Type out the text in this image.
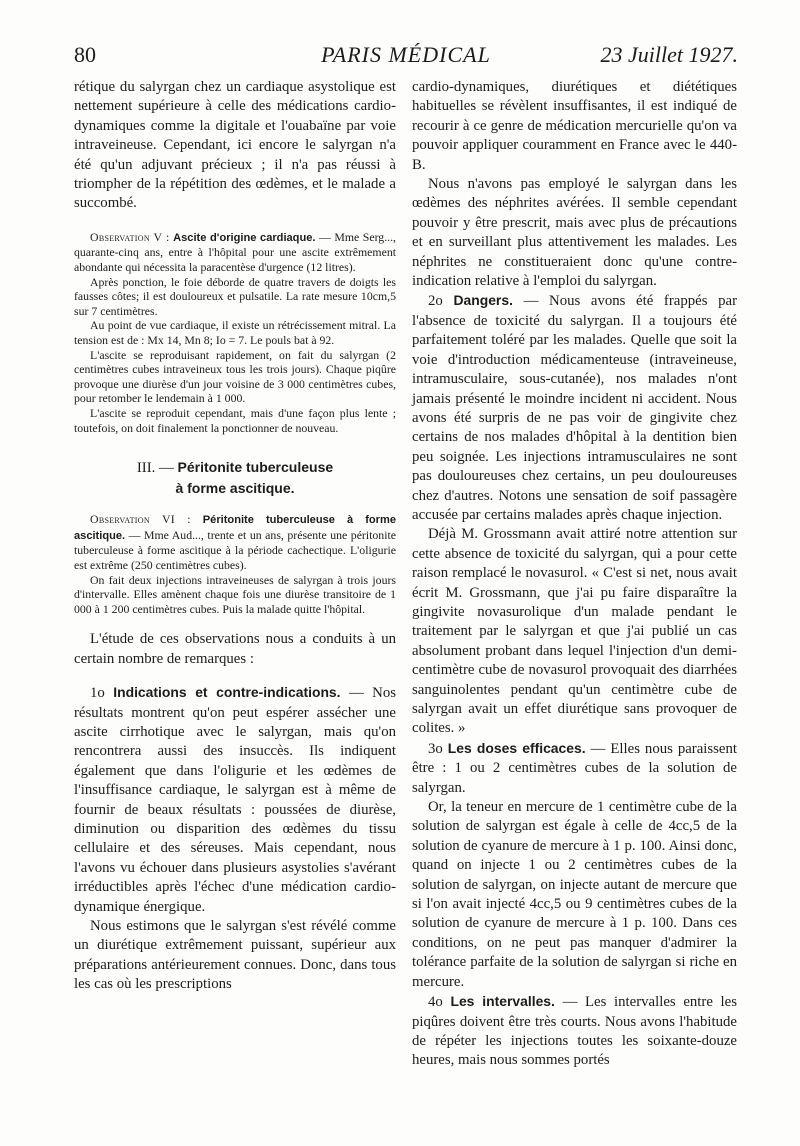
80	PARIS MÉDICAL	23 Juillet 1927.

rétique du salyrgan chez un cardiaque asystolique est nettement supérieure à celle des médications cardio-dynamiques comme la digitale et l'ouabaïne par voie intraveineuse. Cependant, ici encore le salyrgan n'a été qu'un adjuvant précieux ; il n'a pas réussi à triompher de la répétition des œdèmes, et le malade a succombé.

Observation V : Ascite d'origine cardiaque. — Mme Serg..., quarante-cinq ans, entre à l'hôpital pour une ascite extrêmement abondante qui nécessita la paracentèse d'urgence (12 litres).

Après ponction, le foie déborde de quatre travers de doigts les fausses côtes; il est douloureux et pulsatile. La rate mesure 10cm,5 sur 7 centimètres.

Au point de vue cardiaque, il existe un rétrécissement mitral. La tension est de : Mx 14, Mn 8; Io = 7. Le pouls bat à 92.

L'ascite se reproduisant rapidement, on fait du salyrgan (2 centimètres cubes intraveineux tous les trois jours). Chaque piqûre provoque une diurèse d'un jour voisine de 3 000 centimètres cubes, pour retomber le lendemain à 1 000.

L'ascite se reproduit cependant, mais d'une façon plus lente ; toutefois, on doit finalement la ponctionner de nouveau.

III. — Péritonite tuberculeuse
à forme ascitique.

Observation VI : Péritonite tuberculeuse à forme ascitique. — Mme Aud..., trente et un ans, présente une péritonite tuberculeuse à forme ascitique à la période cachectique. L'oligurie est extrême (250 centimètres cubes).

On fait deux injections intraveineuses de salyrgan à trois jours d'intervalle. Elles amènent chaque fois une diurèse transitoire de 1 000 à 1 200 centimètres cubes. Puis la malade quitte l'hôpital.

L'étude de ces observations nous a conduits à un certain nombre de remarques :

1o Indications et contre-indications. — Nos résultats montrent qu'on peut espérer assécher une ascite cirrhotique avec le salyrgan, mais qu'on rencontrera aussi des insuccès. Ils indiquent également que dans l'oligurie et les œdèmes de l'insuffisance cardiaque, le salyrgan est à même de fournir de beaux résultats : poussées de diurèse, diminution ou disparition des œdèmes du tissu cellulaire et des séreuses. Mais cependant, nous l'avons vu échouer dans plusieurs asystolies s'avérant irréductibles après l'échec d'une médication cardio-dynamique énergique.

Nous estimons que le salyrgan s'est révélé comme un diurétique extrêmement puissant, supérieur aux préparations antérieurement connues. Donc, dans tous les cas où les prescriptions

cardio-dynamiques, diurétiques et diététiques habituelles se révèlent insuffisantes, il est indiqué de recourir à ce genre de médication mercurielle qu'on va pouvoir appliquer couramment en France avec le 440-B.

Nous n'avons pas employé le salyrgan dans les œdèmes des néphrites avérées. Il semble cependant pouvoir y être prescrit, mais avec plus de précautions et en surveillant plus attentivement les malades. Les néphrites ne constitueraient donc qu'une contre-indication relative à l'emploi du salyrgan.

2o Dangers. — Nous avons été frappés par l'absence de toxicité du salyrgan. Il a toujours été parfaitement toléré par les malades. Quelle que soit la voie d'introduction médicamenteuse (intraveineuse, intramusculaire, sous-cutanée), nos malades n'ont jamais présenté le moindre incident ni accident. Nous avons été surpris de ne pas voir de gingivite chez certains de nos malades d'hôpital à la dentition bien peu soignée. Les injections intramusculaires ne sont pas douloureuses chez certains, un peu douloureuses chez d'autres. Notons une sensation de soif passagère accusée par certains malades après chaque injection.

Déjà M. Grossmann avait attiré notre attention sur cette absence de toxicité du salyrgan, qui a pour cette raison remplacé le novasurol. « C'est si net, nous avait écrit M. Grossmann, que j'ai pu faire disparaître la gingivite novasurolique d'un malade pendant le traitement par le salyrgan et que j'ai publié un cas absolument probant dans lequel l'injection d'un demi-centimètre cube de novasurol provoquait des diarrhées sanguinolentes pendant qu'un centimètre cube de salyrgan avait un effet diurétique sans provoquer de colites. »

3o Les doses efficaces. — Elles nous paraissent être : 1 ou 2 centimètres cubes de la solution de salyrgan.

Or, la teneur en mercure de 1 centimètre cube de la solution de salyrgan est égale à celle de 4cc,5 de la solution de cyanure de mercure à 1 p. 100. Ainsi donc, quand on injecte 1 ou 2 centimètres cubes de la solution de salyrgan, on injecte autant de mercure que si l'on avait injecté 4cc,5 ou 9 centimètres cubes de la solution de cyanure de mercure à 1 p. 100. Dans ces conditions, on ne peut pas manquer d'admirer la tolérance parfaite de la solution de salyrgan si riche en mercure.

4o Les intervalles. — Les intervalles entre les piqûres doivent être très courts. Nous avons l'habitude de répéter les injections toutes les soixante-douze heures, mais nous sommes portés
